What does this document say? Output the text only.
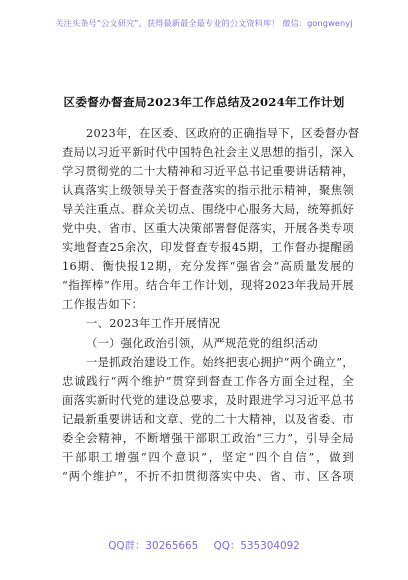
关注头条号“公文研究”，获得最新最全最专业的公文资料库！ 微信：gongwenyj
区委督办督查局2023年工作总结及2024年工作计划
2023年，在区委、区政府的正确指导下，区委督办督
查局以习近平新时代中国特色社会主义思想的指引，深入
学习贯彻党的二十大精神和习近平总书记重要讲话精神，
认真落实上级领导关于督查落实的指示批示精神，聚焦领
导关注重点、群众关切点、围绕中心服务大局，统筹抓好
党中央、省市、区重大决策部署督促落实，开展各类专项
实地督查25余次，印发督查专报45期，工作督办提醒函
16期、衡快报12期，充分发挥“强省会”高质量发展的
“指挥棒”作用。结合年工作计划，现将2023年我局开展
工作报告如下：
一、2023年工作开展情况
（一）强化政治引领，从严规范党的组织活动
一是抓政治建设工作。始终把衷心拥护“两个确立”，
忠诚践行“两个维护”贯穿到督查工作各方面全过程，全
面落实新时代党的建设总要求，及时跟进学习习近平总书
记最新重要讲话和文章、党的二十大精神，以及省委、市
委全会精神，不断增强干部职工政治“三力”，引导全局
干部职工增强“四个意识”，坚定“四个自信”，做到
“两个维护”，不折不扣贯彻落实中央、省、市、区各项
QQ群：30265665 QQ：535304092
